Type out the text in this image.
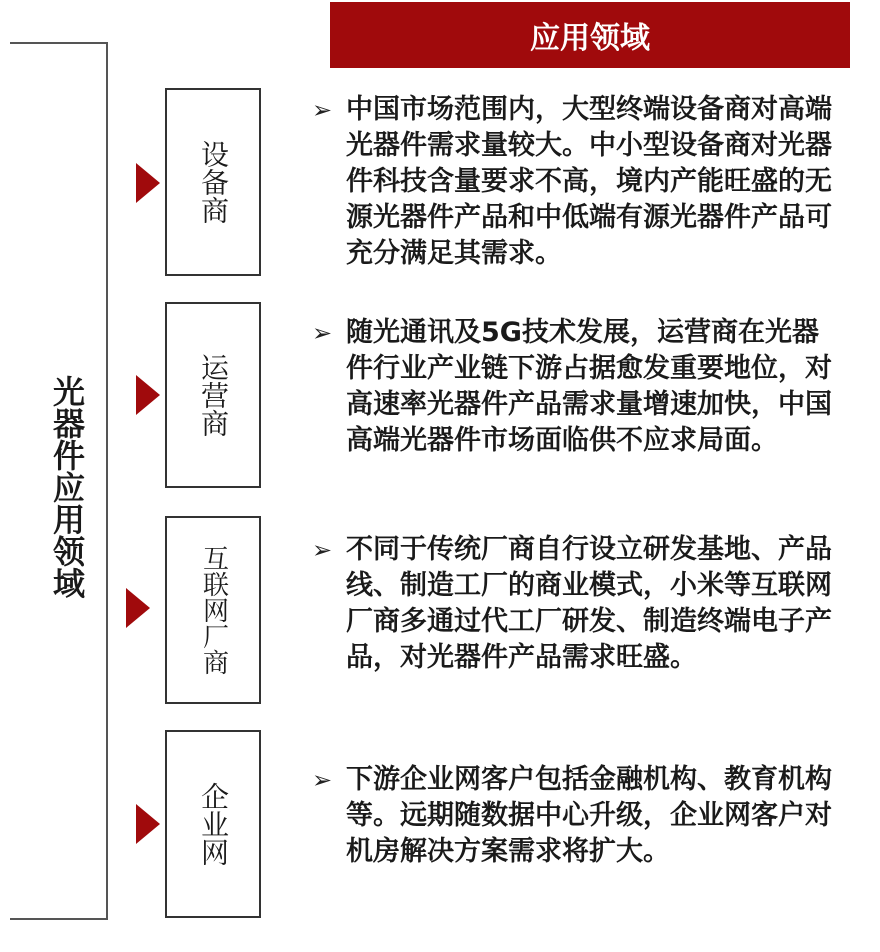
光器件应用领域
应用领域
设备商
➢ 中国市场范围内，大型终端设备商对高端光器件需求量较大。中小型设备商对光器件科技含量要求不高，境内产能旺盛的无源光器件产品和中低端有源光器件产品可充分满足其需求。
运营商
➢ 随光通讯及5G技术发展，运营商在光器件行业产业链下游占据愈发重要地位，对高速率光器件产品需求量增速加快，中国高端光器件市场面临供不应求局面。
互联网厂商	➢ 不同于传统厂商自行设立研发基地、产品线、制造工厂的商业模式，小米等互联网厂商多通过代工厂研发、制造终端电子产品，对光器件产品需求旺盛。
企业网
➢ 下游企业网客户包括金融机构、教育机构等。远期随数据中心升级，企业网客户对机房解决方案需求将扩大。
